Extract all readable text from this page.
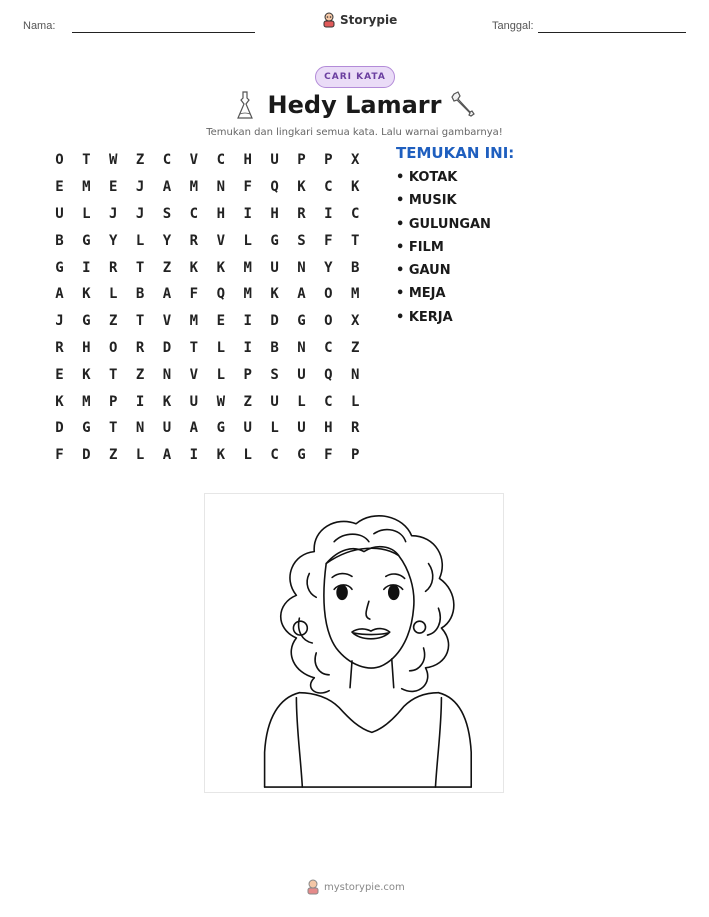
Nama:	Storypie	Tanggal:
CARI KATA
Hedy Lamarr
Temukan dan lingkari semua kata. Lalu warnai gambarnya!
O	T	W	Z	C	V	C	H	U	P	P	X
E	M	E	J	A	M	N	F	Q	K	C	K
U	L	J	J	S	C	H	I	H	R	I	C
B	G	Y	L	Y	R	V	L	G	S	F	T
G	I	R	T	Z	K	K	M	U	N	Y	B
A	K	L	B	A	F	Q	M	K	A	O	M
J	G	Z	T	V	M	E	I	D	G	O	X
R	H	O	R	D	T	L	I	B	N	C	Z
E	K	T	Z	N	V	L	P	S	U	Q	N
K	M	P	I	K	U	W	Z	U	L	C	L
D	G	T	N	U	A	G	U	L	U	H	R
F	D	Z	L	A	I	K	L	C	G	F	P
TEMUKAN INI:
• KOTAK
• MUSIK
• GULUNGAN
• FILM
• GAUN
• MEJA
• KERJA
mystorypie.com
